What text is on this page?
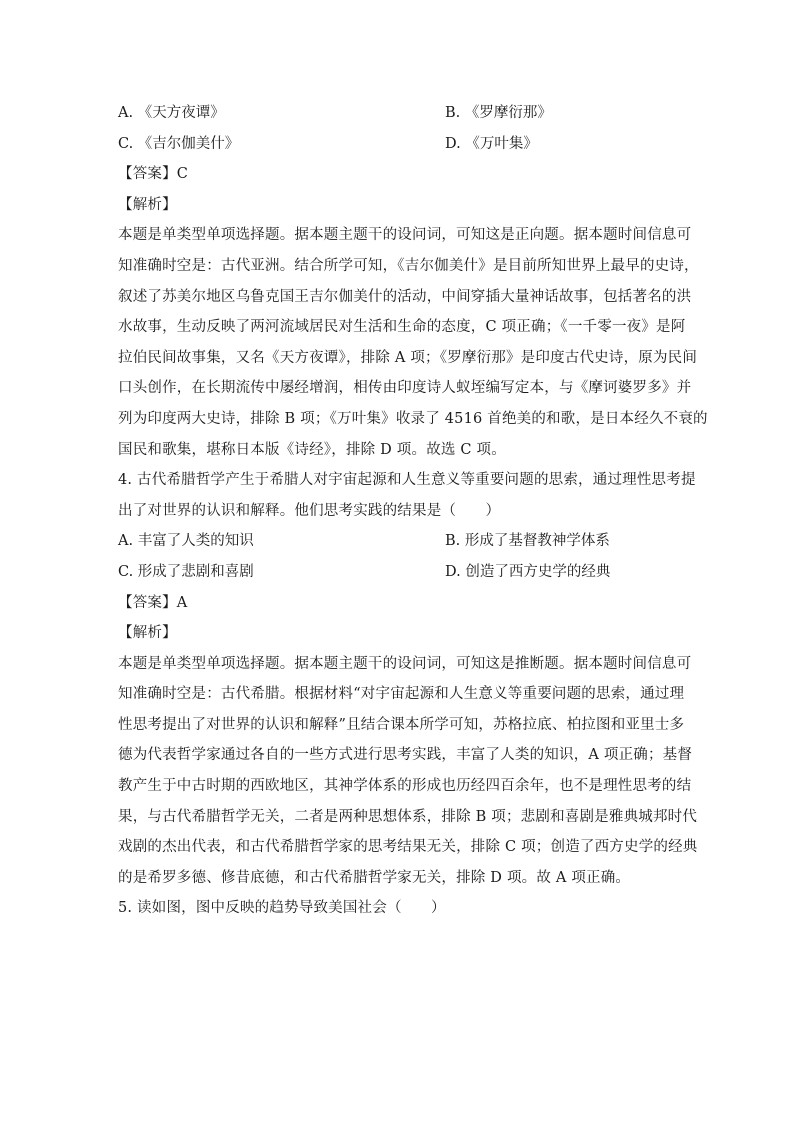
A. 《天方夜谭》	B. 《罗摩衍那》
C. 《吉尔伽美什》	D. 《万叶集》
【答案】C
【解析】
本题是单类型单项选择题。据本题主题干的设问词，可知这是正向题。据本题时间信息可
知准确时空是：古代亚洲。结合所学可知，《吉尔伽美什》是目前所知世界上最早的史诗，
叙述了苏美尔地区乌鲁克国王吉尔伽美什的活动，中间穿插大量神话故事，包括著名的洪
水故事，生动反映了两河流域居民对生活和生命的态度，C 项正确；《一千零一夜》是阿
拉伯民间故事集，又名《天方夜谭》，排除 A 项；《罗摩衍那》是印度古代史诗，原为民间
口头创作，在长期流传中屡经增润，相传由印度诗人蚁垤编写定本，与《摩诃婆罗多》并
列为印度两大史诗，排除 B 项；《万叶集》收录了 4516 首绝美的和歌，是日本经久不衰的
国民和歌集，堪称日本版《诗经》，排除 D 项。故选 C 项。
4. 古代希腊哲学产生于希腊人对宇宙起源和人生意义等重要问题的思索，通过理性思考提
出了对世界的认识和解释。他们思考实践的结果是（　　）
A. 丰富了人类的知识	B. 形成了基督教神学体系
C. 形成了悲剧和喜剧	D. 创造了西方史学的经典
【答案】A
【解析】
本题是单类型单项选择题。据本题主题干的设问词，可知这是推断题。据本题时间信息可
知准确时空是：古代希腊。根据材料“对宇宙起源和人生意义等重要问题的思索，通过理
性思考提出了对世界的认识和解释”且结合课本所学可知，苏格拉底、柏拉图和亚里士多
德为代表哲学家通过各自的一些方式进行思考实践，丰富了人类的知识，A 项正确；基督
教产生于中古时期的西欧地区，其神学体系的形成也历经四百余年，也不是理性思考的结
果，与古代希腊哲学无关，二者是两种思想体系，排除 B 项；悲剧和喜剧是雅典城邦时代
戏剧的杰出代表，和古代希腊哲学家的思考结果无关，排除 C 项；创造了西方史学的经典
的是希罗多德、修昔底德，和古代希腊哲学家无关，排除 D 项。故 A 项正确。
5. 读如图，图中反映的趋势导致美国社会（　　）
